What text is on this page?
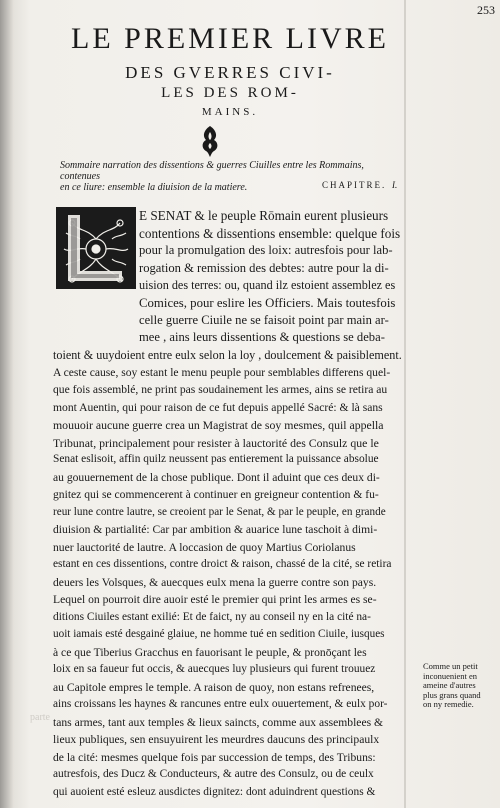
253
parte
LE PREMIER LIVRE
DES GVERRES CIVI-
LES DES ROM-
MAINS.
Sommaire narration des dissentions & guerres Ciuilles entre les Rommains, contenues
en ce liure: ensemble la diuision de la matiere.	CHAPITRE. I.
E SENAT & le peuple Rōmain eurent plusieurs
contentions & dissentions ensemble: quelque fois
pour la promulgation des loix: autresfois pour lab-
rogation & remission des debtes: autre pour la di-
uision des terres: ou, quand ilz estoient assemblez es
Comices, pour eslire les Officiers. Mais toutesfois
celle guerre Ciuile ne se faisoit point par main ar-
mee , ains leurs dissentions & questions se deba-
toient & uuydoient entre eulx selon la loy , doulcement & paisiblement.
A ceste cause, soy estant le menu peuple pour semblables differens quel-
que fois assemblé, ne print pas soudainement les armes, ains se retira au
mont Auentin, qui pour raison de ce fut depuis appellé Sacré: & là sans
mouuoir aucune guerre crea un Magistrat de soy mesmes, quil appella
Tribunat, principalement pour resister à lauctorité des Consulz que le
Senat eslisoit, affin quilz neussent pas entierement la puissance absolue
au gouuernement de la chose publique. Dont il aduint que ces deux di-
gnitez qui se commencerent à continuer en greigneur contention & fu-
reur lune contre lautre, se creoient par le Senat, & par le peuple, en grande
diuision & partialité: Car par ambition & auarice lune taschoit à dimi-
nuer lauctorité de lautre. A loccasion de quoy Martius Coriolanus
estant en ces dissentions, contre droict & raison, chassé de la cité, se retira
deuers les Volsques, & auecques eulx mena la guerre contre son pays.
Lequel on pourroit dire auoir esté le premier qui print les armes es se-
ditions Ciuiles estant exilié: Et de faict, ny au conseil ny en la cité na-
uoit iamais esté desgainé glaiue, ne homme tué en sedition Ciuile, iusques
à ce que Tiberius Gracchus en fauorisant le peuple, & pronōçant les
loix en sa faueur fut occis, & auecques luy plusieurs qui furent trouuez
au Capitole empres le temple. A raison de quoy, non estans refrenees,
ains croissans les haynes & rancunes entre eulx ouuertement, & eulx por-
tans armes, tant aux temples & lieux saincts, comme aux assemblees &
lieux publiques, sen ensuyuirent les meurdres daucuns des principaulx
de la cité: mesmes quelque fois par succession de temps, des Tribuns:
autresfois, des Ducz & Conducteurs, & autre des Consulz, ou de ceulx
qui auoient esté esleuz ausdictes dignitez: dont aduindrent questions &
Comme un petit
inconuenient en
ameine d'autres
plus grans quand
on ny remedie.
